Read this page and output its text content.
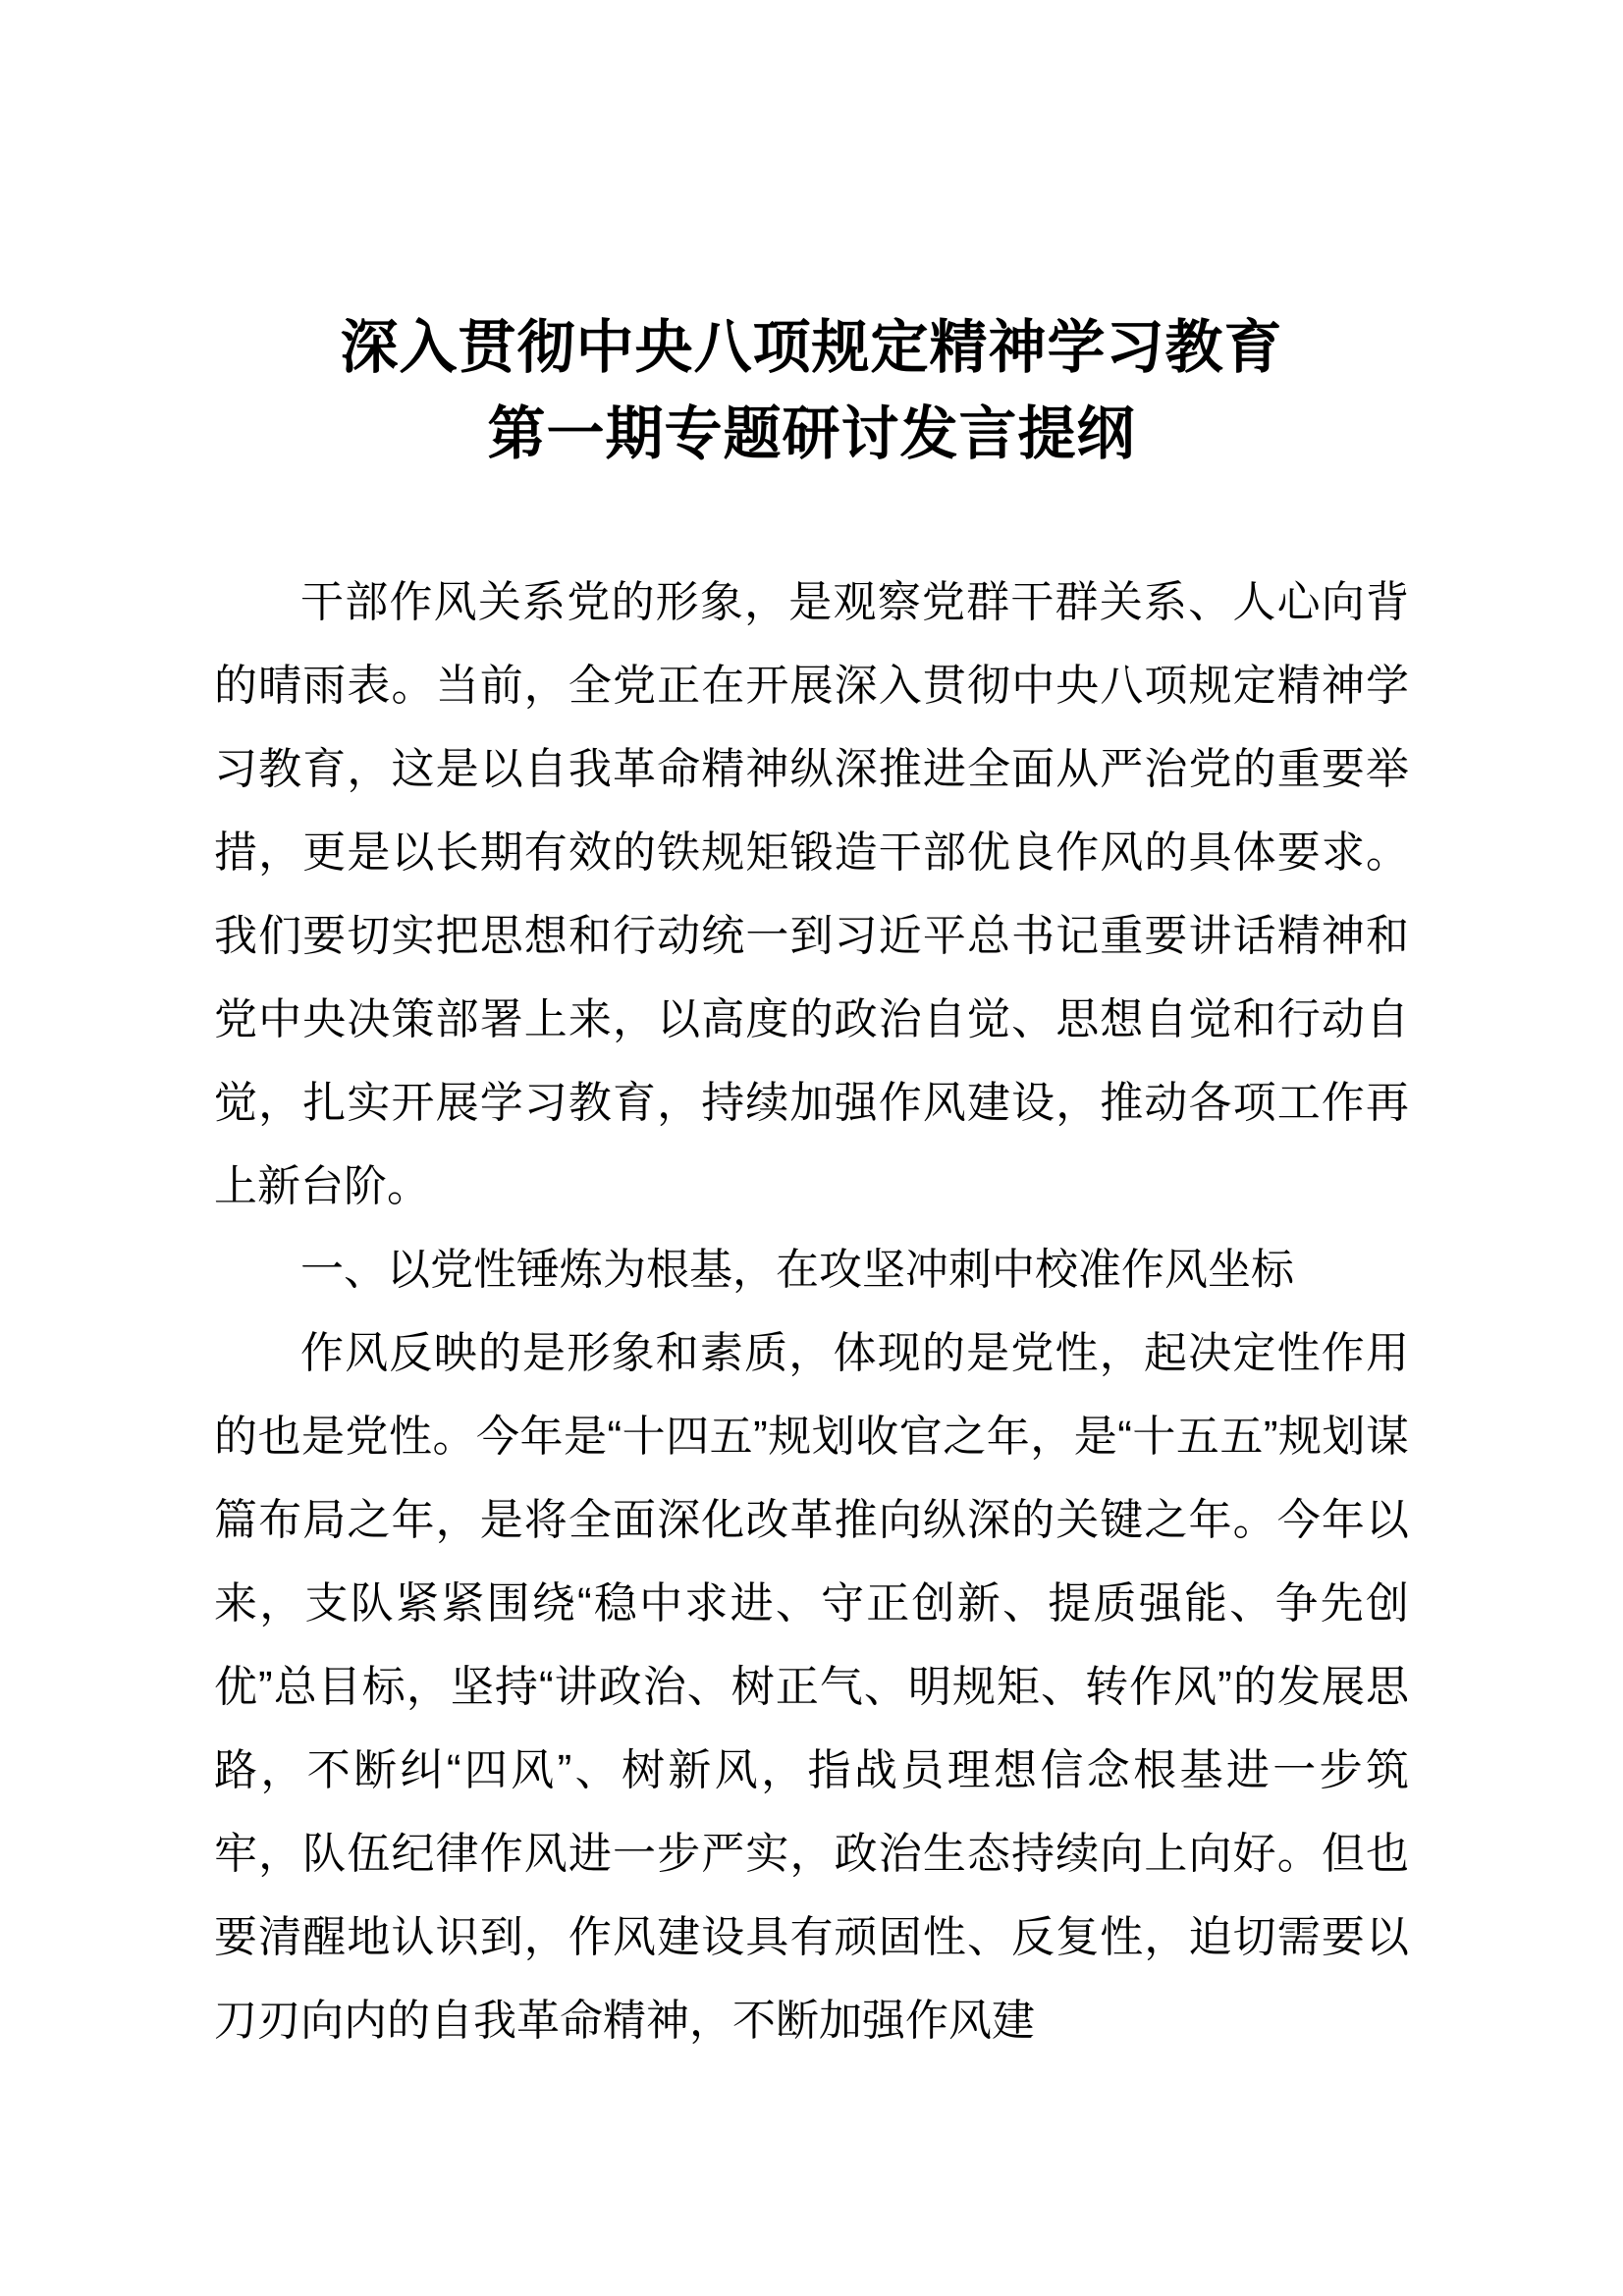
深入贯彻中央八项规定精神学习教育
第一期专题研讨发言提纲

干部作风关系党的形象，是观察党群干群关系、人心向背的晴雨表。当前，全党正在开展深入贯彻中央八项规定精神学习教育，这是以自我革命精神纵深推进全面从严治党的重要举措，更是以长期有效的铁规矩锻造干部优良作风的具体要求。我们要切实把思想和行动统一到习近平总书记重要讲话精神和党中央决策部署上来，以高度的政治自觉、思想自觉和行动自觉，扎实开展学习教育，持续加强作风建设，推动各项工作再上新台阶。

一、以党性锤炼为根基，在攻坚冲刺中校准作风坐标

作风反映的是形象和素质，体现的是党性，起决定性作用的也是党性。今年是“十四五”规划收官之年，是“十五五”规划谋篇布局之年，是将全面深化改革推向纵深的关键之年。今年以来，支队紧紧围绕“稳中求进、守正创新、提质强能、争先创优”总目标，坚持“讲政治、树正气、明规矩、转作风”的发展思路，不断纠“四风”、树新风，指战员理想信念根基进一步筑牢，队伍纪律作风进一步严实，政治生态持续向上向好。但也要清醒地认识到，作风建设具有顽固性、反复性，迫切需要以刀刃向内的自我革命精神，不断加强作风建
